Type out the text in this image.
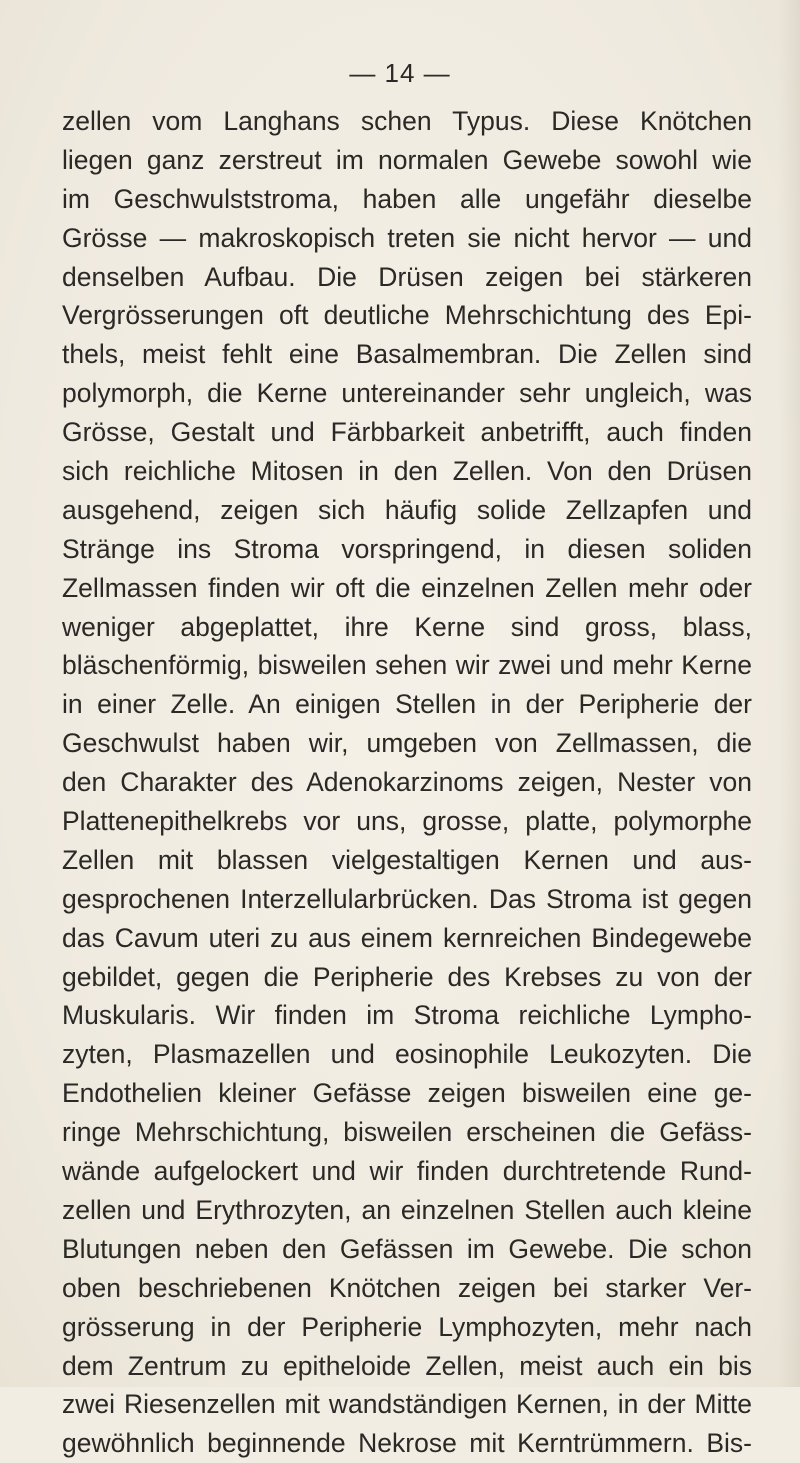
— 14 —
zellen vom Langhans schen Typus. Diese Knötchen
liegen ganz zerstreut im normalen Gewebe sowohl wie
im Geschwulststroma, haben alle ungefähr dieselbe
Grösse — makroskopisch treten sie nicht hervor — und
denselben Aufbau. Die Drüsen zeigen bei stärkeren
Vergrösserungen oft deutliche Mehrschichtung des Epi-
thels, meist fehlt eine Basalmembran. Die Zellen sind
polymorph, die Kerne untereinander sehr ungleich, was
Grösse, Gestalt und Färbbarkeit anbetrifft, auch finden
sich reichliche Mitosen in den Zellen. Von den Drüsen
ausgehend, zeigen sich häufig solide Zellzapfen und
Stränge ins Stroma vorspringend, in diesen soliden
Zellmassen finden wir oft die einzelnen Zellen mehr oder
weniger abgeplattet, ihre Kerne sind gross, blass,
bläschenförmig, bisweilen sehen wir zwei und mehr Kerne
in einer Zelle. An einigen Stellen in der Peripherie der
Geschwulst haben wir, umgeben von Zellmassen, die
den Charakter des Adenokarzinoms zeigen, Nester von
Plattenepithelkrebs vor uns, grosse, platte, polymorphe
Zellen mit blassen vielgestaltigen Kernen und aus-
gesprochenen Interzellularbrücken. Das Stroma ist gegen
das Cavum uteri zu aus einem kernreichen Bindegewebe
gebildet, gegen die Peripherie des Krebses zu von der
Muskularis. Wir finden im Stroma reichliche Lympho-
zyten, Plasmazellen und eosinophile Leukozyten. Die
Endothelien kleiner Gefässe zeigen bisweilen eine ge-
ringe Mehrschichtung, bisweilen erscheinen die Gefäss-
wände aufgelockert und wir finden durchtretende Rund-
zellen und Erythrozyten, an einzelnen Stellen auch kleine
Blutungen neben den Gefässen im Gewebe. Die schon
oben beschriebenen Knötchen zeigen bei starker Ver-
grösserung in der Peripherie Lymphozyten, mehr nach
dem Zentrum zu epitheloide Zellen, meist auch ein bis
zwei Riesenzellen mit wandständigen Kernen, in der Mitte
gewöhnlich beginnende Nekrose mit Kerntrümmern. Bis-
